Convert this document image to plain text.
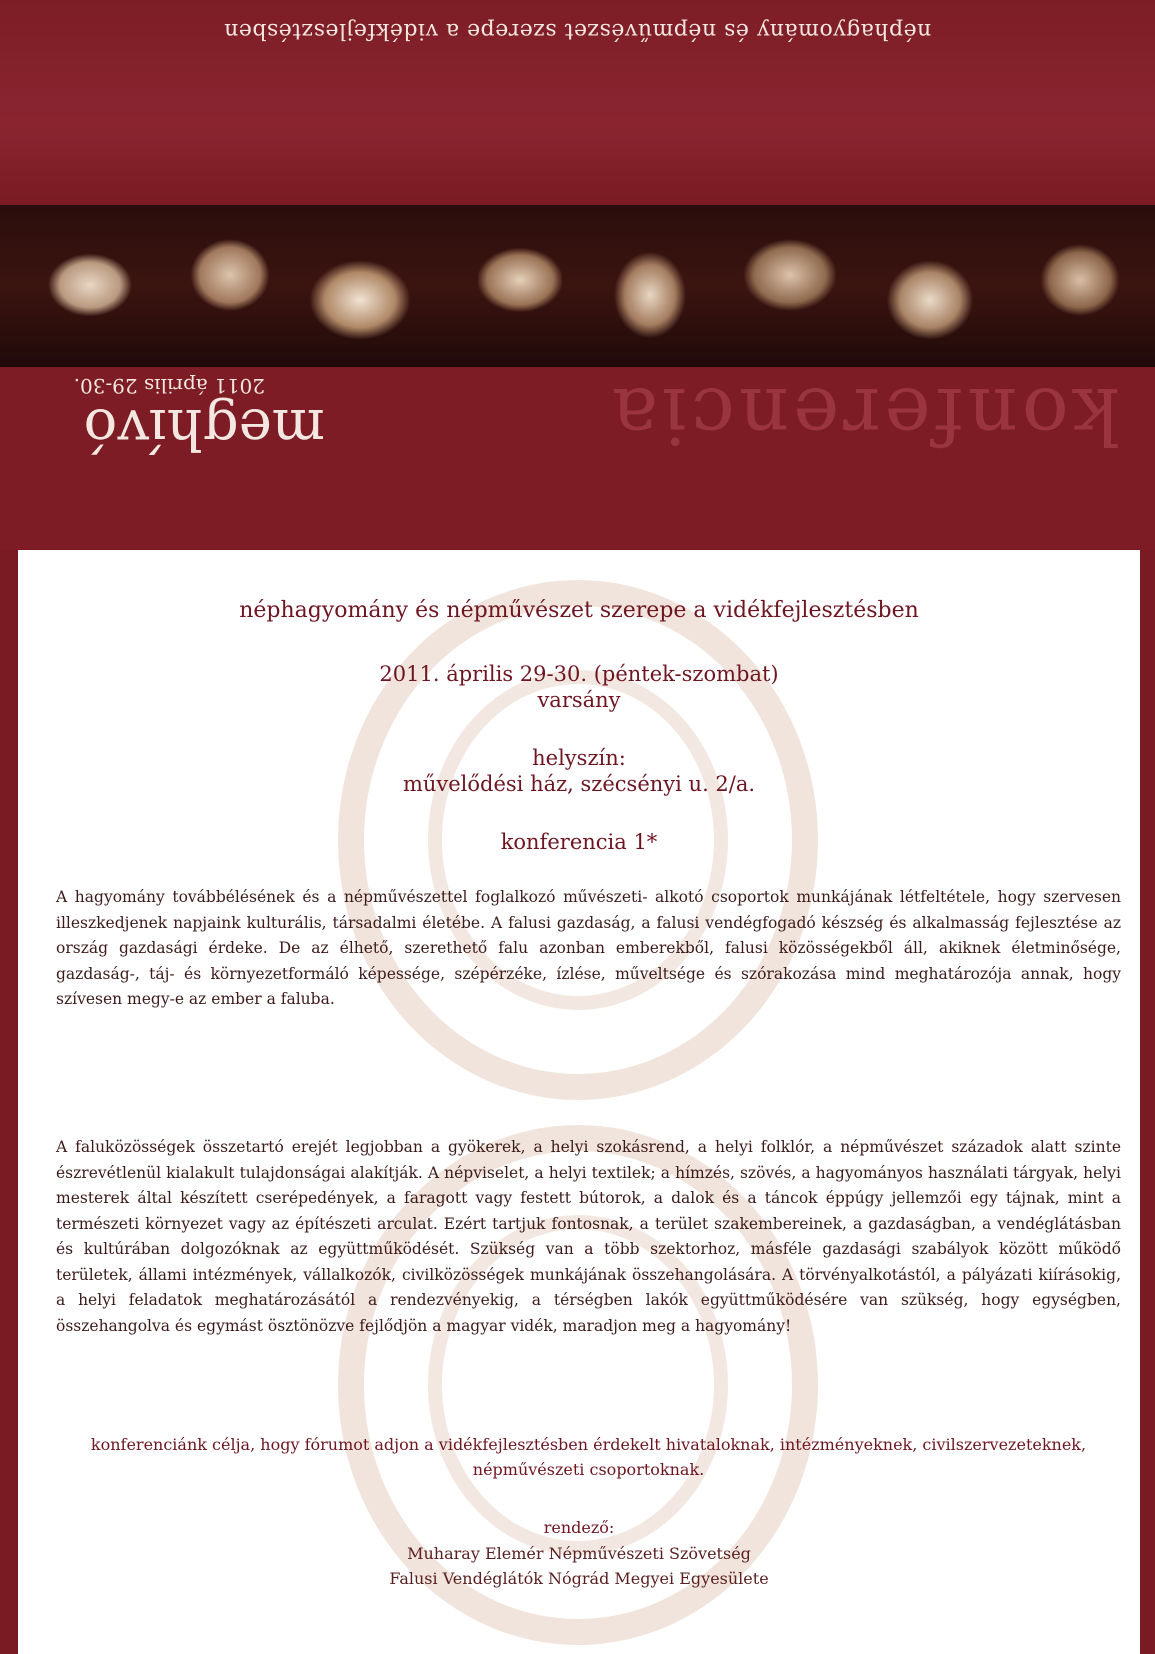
néphagyomány és népművészet szerepe a vidékfejlesztésben
meghívó
2011 április 29-30.	konferencia
néphagyomány és népművészet szerepe a vidékfejlesztésben
2011. április 29-30. (péntek-szombat)
varsány
helyszín:
művelődési ház, szécsényi u. 2/a.
konferencia 1*
A hagyomány továbbélésének és a népművészettel foglalkozó művészeti- alkotó csoportok munkájának létfeltétele, hogy szervesen illeszkedjenek napjaink kulturális, társadalmi életébe. A falusi gazdaság, a falusi vendégfogadó készség és alkalmasság fejlesztése az ország gazdasági érdeke. De az élhető, szerethető falu azonban emberekből, falusi közösségekből áll, akiknek életminősége, gazdaság-, táj- és környezetformáló képessége, szépérzéke, ízlése, műveltsége és szórakozása mind meghatározója annak, hogy szívesen megy-e az ember a faluba.
A faluközösségek összetartó erejét legjobban a gyökerek, a helyi szokásrend, a helyi folklór, a népművészet századok alatt szinte észrevétlenül kialakult tulajdonságai alakítják. A népviselet, a helyi textilek; a hímzés, szövés, a hagyományos használati tárgyak, helyi mesterek által készített cserépedények, a faragott vagy festett bútorok, a dalok és a táncok éppúgy jellemzői egy tájnak, mint a természeti környezet vagy az építészeti arculat. Ezért tartjuk fontosnak, a terület szakembereinek, a gazdaságban, a vendéglátásban és kultúrában dolgozóknak az együttműködését. Szükség van a több szektorhoz, másféle gazdasági szabályok között működő területek, állami intézmények, vállalkozók, civilközösségek munkájának összehangolására. A törvényalkotástól, a pályázati kiírásokig, a helyi feladatok meghatározásától a rendezvényekig, a térségben lakók együttműködésére van szükség, hogy egységben, összehangolva és egymást ösztönözve fejlődjön a magyar vidék, maradjon meg a hagyomány!
konferenciánk célja, hogy fórumot adjon a vidékfejlesztésben érdekelt hivataloknak, intézményeknek, civilszervezeteknek, népművészeti csoportoknak.
rendező:
Muharay Elemér Népművészeti Szövetség
Falusi Vendéglátók Nógrád Megyei Egyesülete
